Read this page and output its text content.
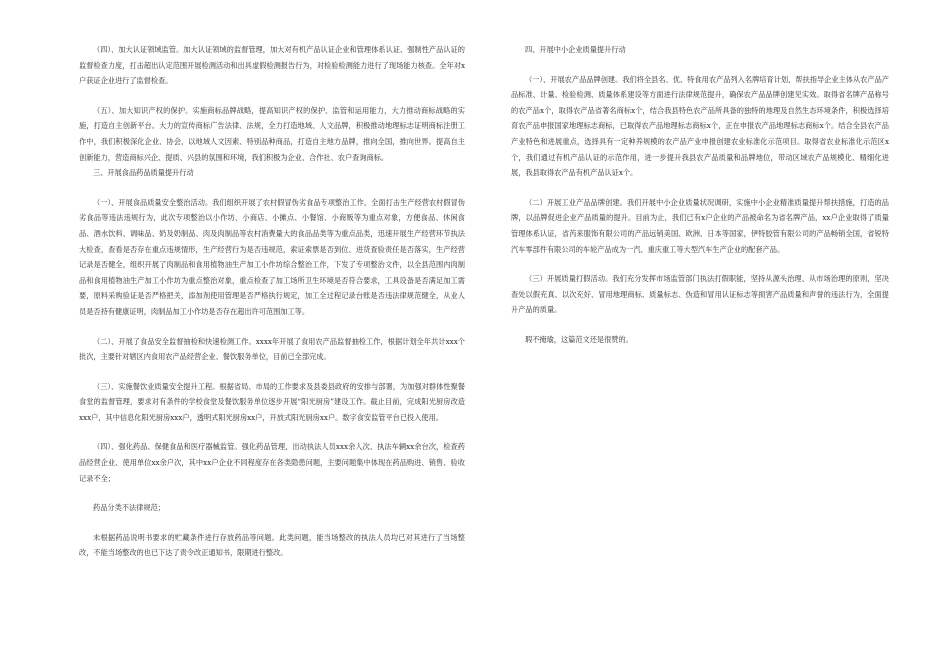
（四）、加大认证领域监管。加大认证领域的监督管理，加大对有机产品认证企业和管理体系认证、强制性产品认证的监督检查力度，打击超出认定范围开展检测活动和出具虚假检测报告行为，对检验检测能力进行了现场能力核查。全年对x户获证企业进行了监督检查。

（五）、加大知识产权的保护。实施商标品牌战略，提高知识产权的保护、监管和运用能力，大力推动商标战略的实施，打造自主创新平台。大力的宣传商标广告法律、法规，全力打造地域、人文品牌，积极推动地理标志证明商标注册工作中，我们积极深化企业、协会，以地域人文因素、特别品种商品，打造自主地方品牌，推向全国，推向世界。提高自主创新能力，营造商标兴企、提质、兴县的氛围和环境，我们积极为企业、合作社、农户查询商标。

三、开展食品药品质量提升行动

（一）、开展食品质量安全整治活动。我们组织开展了农村假冒伪劣食品专项整治工作，全面打击生产经营农村假冒伪劣食品等违法违规行为，此次专项整治以小作坊、小商店、小摊点、小餐馆、小商贩等为重点对象，方便食品、休闲食品、酒水饮料、调味品、奶及奶制品、肉及肉制品等农村消费量大的食品品类等为重点品类，迅速开展生产经营环节执法大检查，查看是否存在重点违规情形，生产经营行为是否违规范，索证索票是否到位、进货查验责任是否落实，生产经营记录是否健全，组织开展了肉制品和食用植物油生产加工小作坊综合整治工作，下发了专项整治文件，以全县范围内肉制品和食用植物油生产加工小作坊为重点整治对象，重点检查了加工场所卫生环境是否符合要求，工具设备是否满足加工需要，原料采购验证是否严格把关，添加剂使用管理是否严格执行规定，加工全过程记录台账是否违法律规范健全，从业人员是否持有健康证明，肉制品加工小作坊是否存在超出许可范围加工等。

（二）、开展了食品安全监督抽检和快速检测工作。xxxx年开展了食用农产品监督抽检工作，根据计划全年共计xxx个批次，主要针对辖区内食用农产品经营企业、餐饮服务单位，目前已全部完成。

（三）、实施餐饮业质量安全提升工程。根据省局、市局的工作要求及县委县政府的安排与部署，为加强对群体性聚餐食堂的监督管理，要求对有条件的学校食堂及餐饮服务单位逐步开展“阳光厨房”建设工作。截止目前，完成阳光厨房改造xxx户，其中信息化阳光厨房xxx户，透明式阳光厨房xx户，开放式阳光厨房xx户。数字食安监管平台已投入使用。

（四）、强化药品、保健食品和医疗器械监管。强化药品管理，出动执法人员xxx余人次、执法车辆xx余台次，检查药品经营企业、使用单位xx余户次，其中xx户企业不同程度存在各类隐患问题，主要问题集中体现在药品购进、销售、验收记录不全；

药品分类不法律规范；

未根据药品说明书要求的贮藏条件进行存放药品等问题。此类问题，能当场整改的执法人员均已对其进行了当场整改，不能当场整改的也已下达了责令改正通知书，限期进行整改。

四、开展中小企业质量提升行动

（一）、开展农产品品牌创建。我们将全县名、优、特食用农产品列入名牌培育计划，帮扶指导企业主体从农产品产品标准、计量、检验检测、质量体系建设等方面进行法律规范提升，确保农产品品牌创建见实效。取得省名牌产品称号的农产品x个，取得农产品省著名商标x个，结合我县特色农产品所具备的独特的地理及自然生态环境条件，积极选择培育农产品申报国家地理标志商标，已取得农产品地理标志商标x个，正在申报农产品地理标志商标x个。结合全县农产品产业特色和进展重点，选择具有一定种养规模的农产品产业申报创建农业标准化示范项目。取得省农业标准化示范区x个，我们通过有机产品认证的示范作用，进一步提升我县农产品质量和品牌地位，带动区域农产品规模化、精细化进展，我县取得农产品有机产品认证x个。

（二）开展工业产品品牌创建。我们开展中小企业质量状况调研，实施中小企业精准质量提升帮扶措施，打造的品牌，以品牌促进企业产品质量的提升。目前为止，我们已有x户企业的产品被命名为省名牌产品，xx户企业取得了质量管理体系认证，省芮来服饰有限公司的产品远销美国、欧洲、日本等国家，伊特胶管有限公司的产品畅销全国，省锐特汽车零部件有限公司的车轮产品成为一汽、重庆重工等大型汽车生产企业的配套产品。

（三）开展质量打假活动。我们充分发挥市场监管部门执法打假职能，坚持从源头治理、从市场治理的原则，坚决查处以假充真、以次充好、冒用地理商标、质量标志、伪造和冒用认证标志等损害产品质量和声誉的违法行为，全面提升产品的质量。

瑕不掩瑜，这篇范文还是很赞的。
